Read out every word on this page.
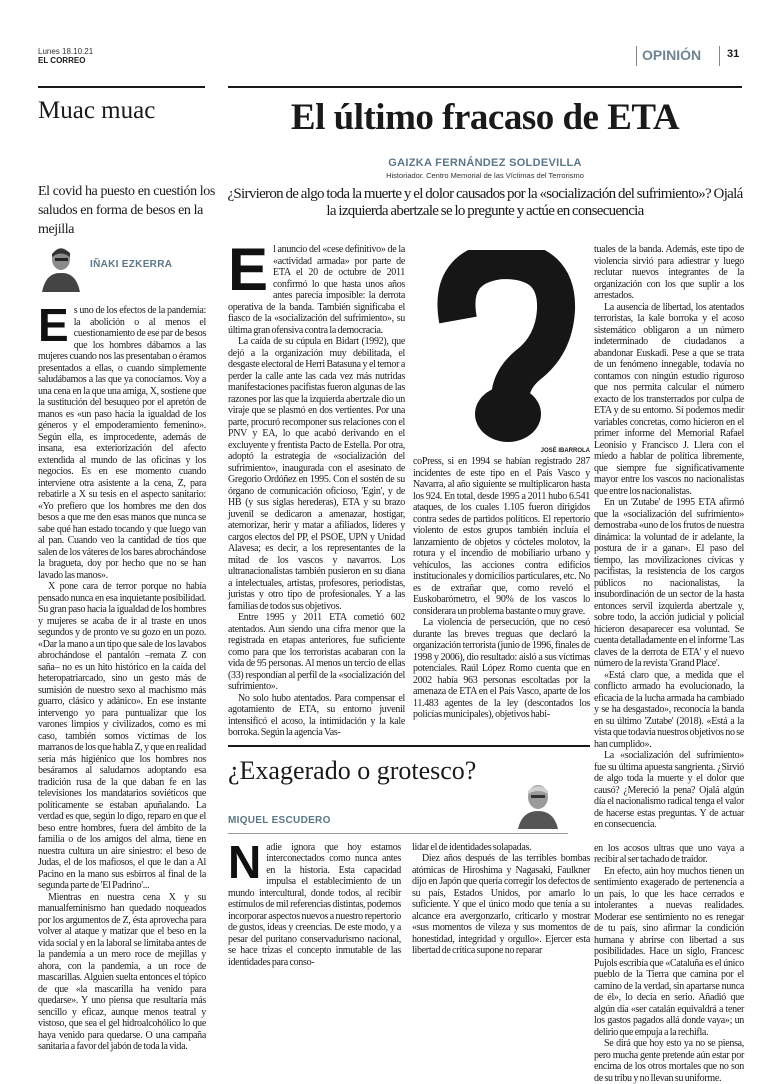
Lunes 18.10.21
EL CORREO	OPINIÓN 31
Muac muac
El covid ha puesto en cuestión los saludos en forma de besos en la mejilla
IÑAKI EZKERRA

Es uno de los efectos de la pandemia: la abolición o al menos el cuestionamiento de ese par de besos que los hombres dábamos a las mujeres cuando nos las presentaban o éramos presentados a ellas, o cuando simplemente saludábamos a las que ya conocíamos. Voy a una cena en la que una amiga, X, sostiene que la sustitución del besuqueo por el apretón de manos es «un paso hacia la igualdad de los géneros y el empoderamiento femenino». Según ella, es improcedente, además de insana, esa exteriorización del afecto extendida al mundo de las oficinas y los negocios. Es en ese momento cuando interviene otra asistente a la cena, Z, para rebatirle a X su tesis en el aspecto sanitario: «Yo prefiero que los hombres me den dos besos a que me den esas manos que nunca se sabe qué han estado tocando y que luego van al pan. Cuando veo la cantidad de tíos que salen de los váteres de los bares abrochándose la bragueta, doy por hecho que no se han lavado las manos».

X pone cara de terror porque no había pensado nunca en esa inquietante posibilidad. Su gran paso hacia la igualdad de los hombres y mujeres se acaba de ir al traste en unos segundos y de pronto ve su gozo en un pozo. «Dar la mano a un tipo que sale de los lavabos abrochándose el pantalón –remata Z con saña– no es un hito histórico en la caída del heteropatriarcado, sino un gesto más de sumisión de nuestro sexo al machismo más guarro, clásico y adánico». En ese instante intervengo yo para puntualizar que los varones limpios y civilizados, como es mi caso, también somos víctimas de los marranos de los que habla Z, y que en realidad sería más higiénico que los hombres nos besáramos al saludarnos adoptando esa tradición rusa de la que daban fe en las televisiones los mandatarios soviéticos que políticamente se estaban apuñalando. La verdad es que, según lo digo, reparo en que el beso entre hombres, fuera del ámbito de la familia o de los amigos del alma, tiene en nuestra cultura un aire siniestro: el beso de Judas, el de los mafiosos, el que le dan a Al Pacino en la mano sus esbirros al final de la segunda parte de 'El Padrino'...

Mientras en nuestra cena X y su manualfeminismo han quedado noqueados por los argumentos de Z, ésta aprovecha para volver al ataque y matizar que el beso en la vida social y en la laboral se limitaba antes de la pandemia a un mero roce de mejillas y ahora, con la pandemia, a un roce de mascarillas. Alguien suelta entonces el tópico de que «la mascarilla ha venido para quedarse». Y uno piensa que resultaría más sencillo y eficaz, aunque menos teatral y vistoso, que sea el gel hidroalcohólico lo que haya venido para quedarse. O una campaña sanitaria a favor del jabón de toda la vida.

El último fracaso de ETA
GAIZKA FERNÁNDEZ SOLDEVILLA
Historiador. Centro Memorial de las Víctimas del Terrorismo
¿Sirvieron de algo toda la muerte y el dolor causados por la «socialización del sufrimiento»? Ojalá la izquierda abertzale se lo pregunte y actúe en consecuencia

El anuncio del «cese definitivo» de la «actividad armada» por parte de ETA el 20 de octubre de 2011 confirmó lo que hasta unos años antes parecía imposible: la derrota operativa de la banda. También significaba el fiasco de la «socialización del sufrimiento», su última gran ofensiva contra la democracia.

La caída de su cúpula en Bidart (1992), que dejó a la organización muy debilitada, el desgaste electoral de Herri Batasuna y el temor a perder la calle ante las cada vez más nutridas manifestaciones pacifistas fueron algunas de las razones por las que la izquierda abertzale dio un viraje que se plasmó en dos vertientes. Por una parte, procuró recomponer sus relaciones con el PNV y EA, lo que acabó derivando en el excluyente y frentista Pacto de Estella. Por otra, adoptó la estrategia de «socialización del sufrimiento», inaugurada con el asesinato de Gregorio Ordóñez en 1995. Con el sostén de su órgano de comunicación oficioso, 'Egin', y de HB (y sus siglas herederas), ETA y su brazo juvenil se dedicaron a amenazar, hostigar, atemorizar, herir y matar a afiliados, líderes y cargos electos del PP, el PSOE, UPN y Unidad Alavesa; es decir, a los representantes de la mitad de los vascos y navarros. Los ultranacionalistas también pusieron en su diana a intelectuales, artistas, profesores, periodistas, juristas y otro tipo de profesionales. Y a las familias de todos sus objetivos.

Entre 1995 y 2011 ETA cometió 602 atentados. Aun siendo una cifra menor que la registrada en etapas anteriores, fue suficiente como para que los terroristas acabaran con la vida de 95 personas. Al menos un tercio de ellas (33) respondían al perfil de la «socialización del sufrimiento».

No solo hubo atentados. Para compensar el agotamiento de ETA, su entorno juvenil intensificó el acoso, la intimidación y la kale borroka. Según la agencia Vas-

JOSÉ IBARROLA

coPress, si en 1994 se habían registrado 287 incidentes de este tipo en el País Vasco y Navarra, al año siguiente se multiplicaron hasta los 924. En total, desde 1995 a 2011 hubo 6.541 ataques, de los cuales 1.105 fueron dirigidos contra sedes de partidos políticos. El repertorio violento de estos grupos también incluía el lanzamiento de objetos y cócteles molotov, la rotura y el incendio de mobiliario urbano y vehículos, las acciones contra edificios institucionales y domicilios particulares, etc. No es de extrañar que, como reveló el Euskobarómetro, el 90% de los vascos lo considerara un problema bastante o muy grave.

La violencia de persecución, que no cesó durante las breves treguas que declaró la organización terrorista (junio de 1996, finales de 1998 y 2006), dio resultado: aisló a sus víctimas potenciales. Raúl López Romo cuenta que en 2002 había 963 personas escoltadas por la amenaza de ETA en el País Vasco, aparte de los 11.483 agentes de la ley (descontados los policías municipales), objetivos habi-

¿Exagerado o grotesco?
MIQUEL ESCUDERO

Nadie ignora que hoy estamos interconectados como nunca antes en la historia. Esta capacidad impulsa el establecimiento de un mundo intercultural, donde todos, al recibir estímulos de mil referencias distintas, podemos incorporar aspectos nuevos a nuestro repertorio de gustos, ideas y creencias. De este modo, y a pesar del puritano conservadurismo nacional, se hace trizas el concepto inmutable de las identidades para conso-

lidar el de identidades solapadas.

Diez años después de las terribles bombas atómicas de Hiroshima y Nagasaki, Faulkner dijo en Japón que quería corregir los defectos de su país, Estados Unidos, por amarlo lo suficiente. Y que el único modo que tenía a su alcance era avergonzarlo, criticarlo y mostrar «sus momentos de vileza y sus momentos de honestidad, integridad y orgullo». Ejercer esta libertad de crítica supone no reparar

tuales de la banda. Además, este tipo de violencia sirvió para adiestrar y luego reclutar nuevos integrantes de la organización con los que suplir a los arrestados.

La ausencia de libertad, los atentados terroristas, la kale borroka y el acoso sistemático obligaron a un número indeterminado de ciudadanos a abandonar Euskadi. Pese a que se trata de un fenómeno innegable, todavía no contamos con ningún estudio riguroso que nos permita calcular el número exacto de los transterrados por culpa de ETA y de su entorno. Sí podemos medir variables concretas, como hicieron en el primer informe del Memorial Rafael Leonisio y Francisco J. Llera con el miedo a hablar de política libremente, que siempre fue significativamente mayor entre los vascos no nacionalistas que entre los nacionalistas.

En un 'Zutabe' de 1995 ETA afirmó que la «socialización del sufrimiento» demostraba «uno de los frutos de nuestra dinámica: la voluntad de ir adelante, la postura de ir a ganar». El paso del tiempo, las movilizaciones cívicas y pacifistas, la resistencia de los cargos públicos no nacionalistas, la insubordinación de un sector de la hasta entonces servil izquierda abertzale y, sobre todo, la acción judicial y policial hicieron desaparecer esa voluntad. Se cuenta detalladamente en el informe 'Las claves de la derrota de ETA' y el nuevo número de la revista 'Grand Place'.

«Está claro que, a medida que el conflicto armado ha evolucionado, la eficacia de la lucha armada ha cambiado y se ha desgastado», reconocía la banda en su último 'Zutabe' (2018). «Está a la vista que todavía nuestros objetivos no se han cumplido».

La «socialización del sufrimiento» fue su última apuesta sangrienta. ¿Sirvió de algo toda la muerte y el dolor que causó? ¿Mereció la pena? Ojalá algún día el nacionalismo radical tenga el valor de hacerse estas preguntas. Y de actuar en consecuencia.

en los acosos ultras que uno vaya a recibir al ser tachado de traidor.

En efecto, aún hoy muchos tienen un sentimiento exagerado de pertenencia a un país, lo que les hace cerrados e intolerantes a nuevas realidades. Moderar ese sentimiento no es renegar de tu país, sino afirmar la condición humana y abrirse con libertad a sus posibilidades. Hace un siglo, Francesc Pujols escribía que «Cataluña es el único pueblo de la Tierra que camina por el camino de la verdad, sin apartarse nunca de él», lo decía en serio. Añadió que algún día «ser catalán equivaldrá a tener los gastos pagados allá donde vaya»; un delirio que empuja a la rechifla.

Se dirá que hoy esto ya no se piensa, pero mucha gente pretende aún estar por encima de los otros mortales que no son de su tribu y no llevan su uniforme.
